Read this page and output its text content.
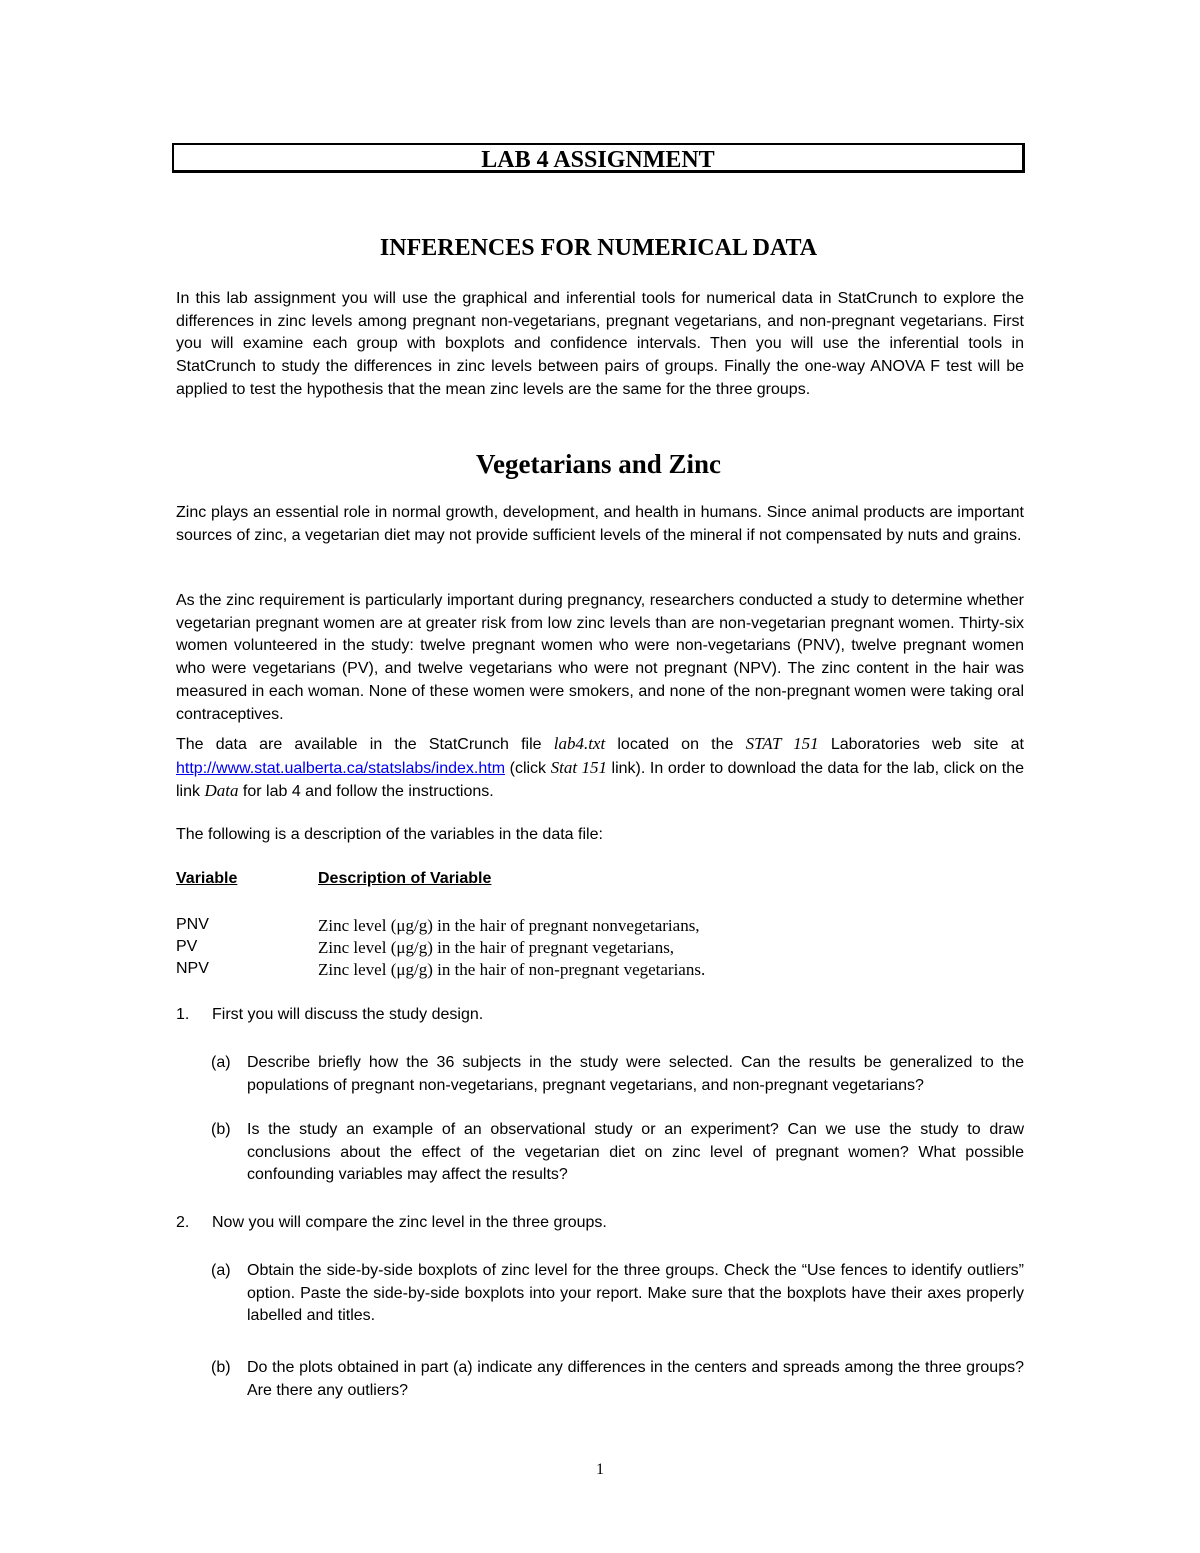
LAB 4 ASSIGNMENT
INFERENCES FOR NUMERICAL DATA
In this lab assignment you will use the graphical and inferential tools for numerical data in StatCrunch to explore the differences in zinc levels among pregnant non-vegetarians, pregnant vegetarians, and non-pregnant vegetarians. First you will examine each group with boxplots and confidence intervals. Then you will use the inferential tools in StatCrunch to study the differences in zinc levels between pairs of groups. Finally the one-way ANOVA F test will be applied to test the hypothesis that the mean zinc levels are the same for the three groups.
Vegetarians and Zinc
Zinc plays an essential role in normal growth, development, and health in humans. Since animal products are important sources of zinc, a vegetarian diet may not provide sufficient levels of the mineral if not compensated by nuts and grains.
As the zinc requirement is particularly important during pregnancy, researchers conducted a study to determine whether vegetarian pregnant women are at greater risk from low zinc levels than are non-vegetarian pregnant women. Thirty-six women volunteered in the study: twelve pregnant women who were non-vegetarians (PNV), twelve pregnant women who were vegetarians (PV), and twelve vegetarians who were not pregnant (NPV). The zinc content in the hair was measured in each woman. None of these women were smokers, and none of the non-pregnant women were taking oral contraceptives.
The data are available in the StatCrunch file lab4.txt located on the STAT 151 Laboratories web site at http://www.stat.ualberta.ca/statslabs/index.htm (click Stat 151 link). In order to download the data for the lab, click on the link Data for lab 4 and follow the instructions.
The following is a description of the variables in the data file:
Variable	Description of Variable
PNV	Zinc level (μg/g) in the hair of pregnant nonvegetarians,
PV	Zinc level (μg/g) in the hair of pregnant vegetarians,
NPV	Zinc level (μg/g) in the hair of non-pregnant vegetarians.
1. First you will discuss the study design.
(a) Describe briefly how the 36 subjects in the study were selected. Can the results be generalized to the populations of pregnant non-vegetarians, pregnant vegetarians, and non-pregnant vegetarians?
(b) Is the study an example of an observational study or an experiment? Can we use the study to draw conclusions about the effect of the vegetarian diet on zinc level of pregnant women? What possible confounding variables may affect the results?
2. Now you will compare the zinc level in the three groups.
(a) Obtain the side-by-side boxplots of zinc level for the three groups. Check the “Use fences to identify outliers” option. Paste the side-by-side boxplots into your report. Make sure that the boxplots have their axes properly labelled and titles.
(b) Do the plots obtained in part (a) indicate any differences in the centers and spreads among the three groups? Are there any outliers?
1
